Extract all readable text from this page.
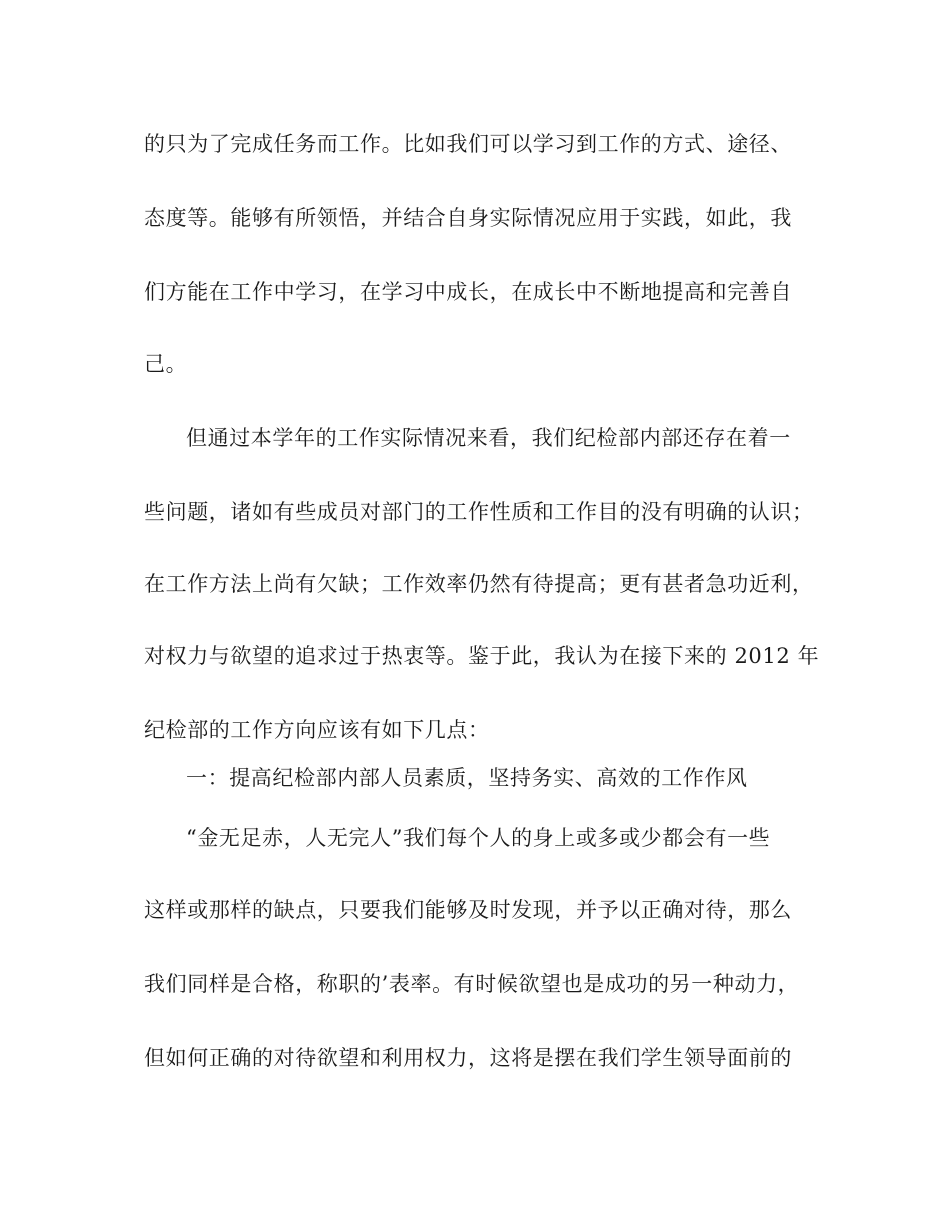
的只为了完成任务而工作。比如我们可以学习到工作的方式、途径、
态度等。能够有所领悟，并结合自身实际情况应用于实践，如此，我
们方能在工作中学习，在学习中成长，在成长中不断地提高和完善自
己。
但通过本学年的工作实际情况来看，我们纪检部内部还存在着一
些问题，诸如有些成员对部门的工作性质和工作目的没有明确的认识；
在工作方法上尚有欠缺；工作效率仍然有待提高；更有甚者急功近利，
对权力与欲望的追求过于热衷等。鉴于此，我认为在接下来的 2012 年
纪检部的工作方向应该有如下几点：
一：提高纪检部内部人员素质，坚持务实、高效的工作作风
“金无足赤，人无完人”我们每个人的身上或多或少都会有一些
这样或那样的缺点，只要我们能够及时发现，并予以正确对待，那么
我们同样是合格，称职的’表率。有时候欲望也是成功的另一种动力，
但如何正确的对待欲望和利用权力，这将是摆在我们学生领导面前的
